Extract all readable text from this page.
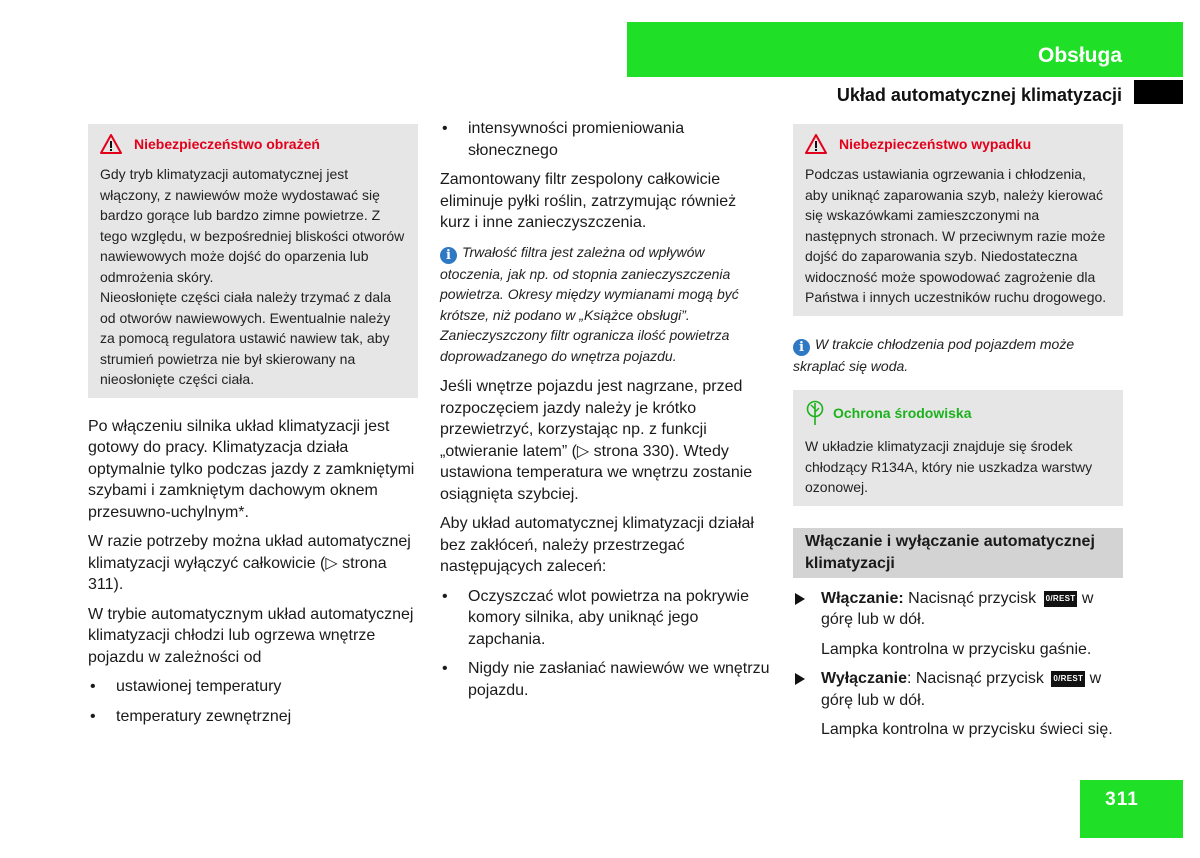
Obsługa
Układ automatycznej klimatyzacji
Niebezpieczeństwo obrażeń
Gdy tryb klimatyzacji automatycznej jest włączony, z nawiewów może wydostawać się bardzo gorące lub bardzo zimne powietrze. Z tego względu, w bezpośredniej bliskości otworów nawiewowych może dojść do oparzenia lub odmrożenia skóry.
Nieosłonięte części ciała należy trzymać z dala od otworów nawiewowych. Ewentualnie należy za pomocą regulatora ustawić nawiew tak, aby strumień powietrza nie był skierowany na nieosłonięte części ciała.
Po włączeniu silnika układ klimatyzacji jest gotowy do pracy. Klimatyzacja działa optymalnie tylko podczas jazdy z zamkniętymi szybami i zamkniętym dachowym oknem przesuwno-uchylnym*.
W razie potrzeby można układ automatycznej klimatyzacji wyłączyć całkowicie (▷ strona 311).
W trybie automatycznym układ automatycznej klimatyzacji chłodzi lub ogrzewa wnętrze pojazdu w zależności od
• ustawionej temperatury
• temperatury zewnętrznej
• intensywności promieniowania słonecznego
Zamontowany filtr zespolony całkowicie eliminuje pyłki roślin, zatrzymując również kurz i inne zanieczyszczenia.
i Trwałość filtra jest zależna od wpływów otoczenia, jak np. od stopnia zanieczyszczenia powietrza. Okresy między wymianami mogą być krótsze, niż podano w „Książce obsługi”. Zanieczyszczony filtr ogranicza ilość powietrza doprowadzanego do wnętrza pojazdu.
Jeśli wnętrze pojazdu jest nagrzane, przed rozpoczęciem jazdy należy je krótko przewietrzyć, korzystając np. z funkcji „otwieranie latem” (▷ strona 330). Wtedy ustawiona temperatura we wnętrzu zostanie osiągnięta szybciej.
Aby układ automatycznej klimatyzacji działał bez zakłóceń, należy przestrzegać następujących zaleceń:
• Oczyszczać wlot powietrza na pokrywie komory silnika, aby uniknąć jego zapchania.
• Nigdy nie zasłaniać nawiewów we wnętrzu pojazdu.
Niebezpieczeństwo wypadku
Podczas ustawiania ogrzewania i chłodzenia, aby uniknąć zaparowania szyb, należy kierować się wskazówkami zamieszczonymi na następnych stronach. W przeciwnym razie może dojść do zaparowania szyb. Niedostateczna widoczność może spowodować zagrożenie dla Państwa i innych uczestników ruchu drogowego.
i W trakcie chłodzenia pod pojazdem może skraplać się woda.
Ochrona środowiska
W układzie klimatyzacji znajduje się środek chłodzący R134A, który nie uszkadza warstwy ozonowej.
Włączanie i wyłączanie automatycznej klimatyzacji
Włączanie: Nacisnąć przycisk 0/REST w górę lub w dół.
Lampka kontrolna w przycisku gaśnie.
Wyłączanie: Nacisnąć przycisk 0/REST w górę lub w dół.
Lampka kontrolna w przycisku świeci się.
311
